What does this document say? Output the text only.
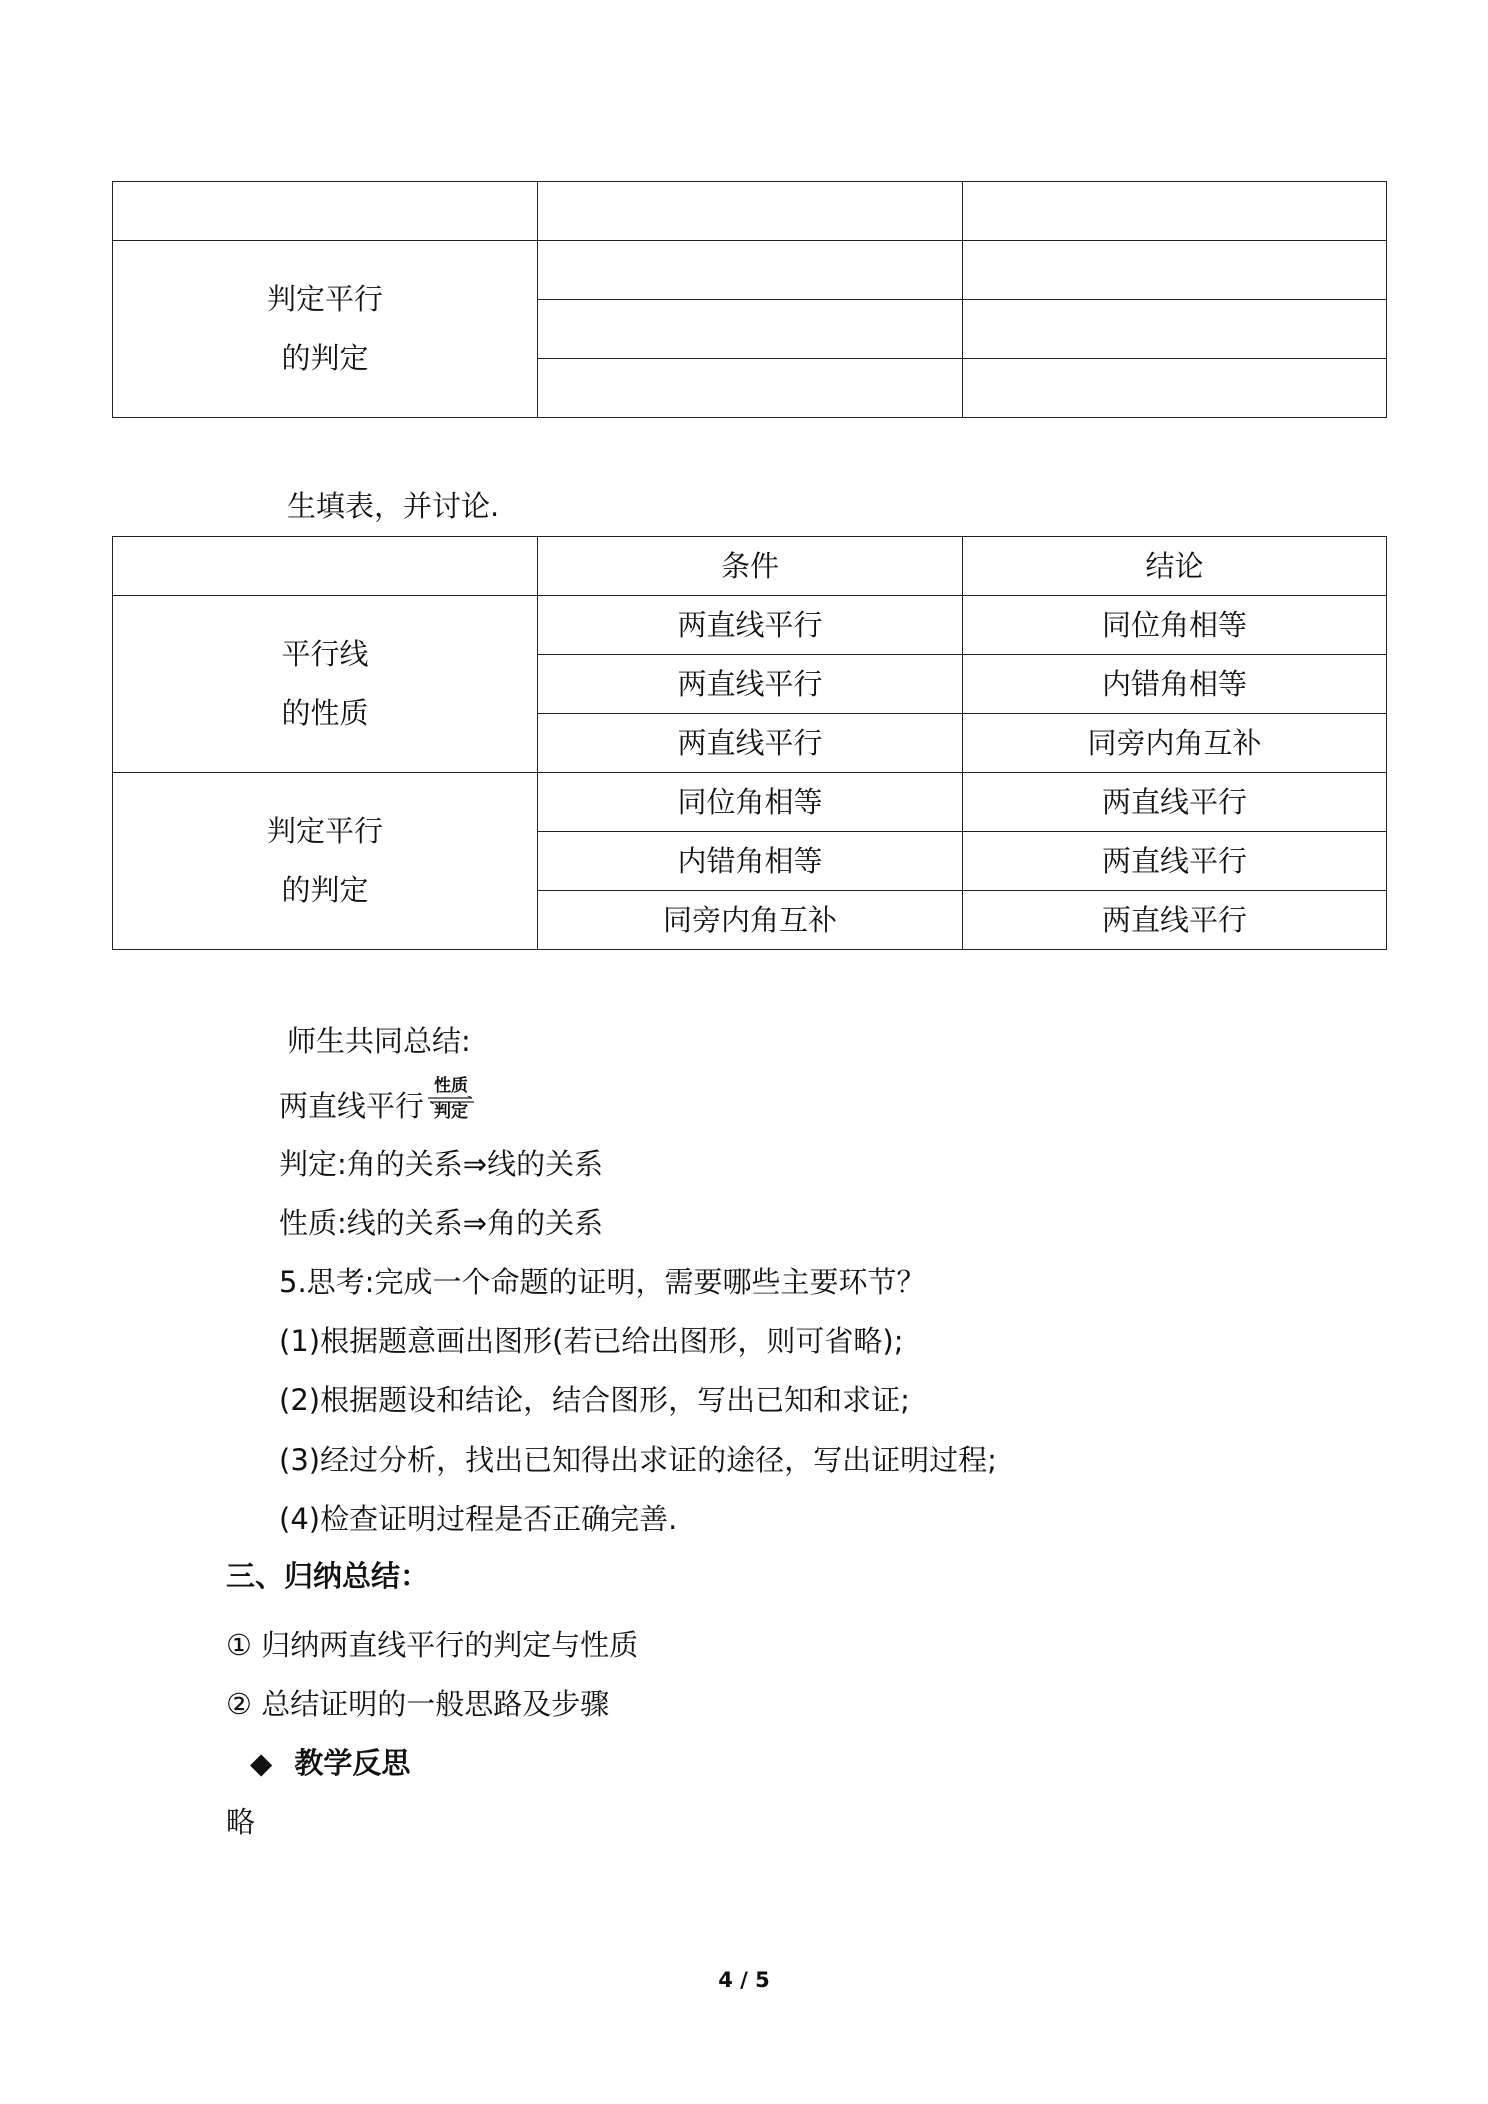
判定平行
的判定		

生填表，并讨论.
	条件	结论

平行线
的性质	两直线平行	同位角相等
	两直线平行	内错角相等
	两直线平行	同旁内角互补

判定平行
的判定	同位角相等	两直线平行
	内错角相等	两直线平行
	同旁内角互补	两直线平行
师生共同总结:
两直线平行
性质
判定
判定:角的关系⇒线的关系
性质:线的关系⇒角的关系
5.思考:完成一个命题的证明，需要哪些主要环节？
(1)根据题意画出图形(若已给出图形，则可省略);
(2)根据题设和结论，结合图形，写出已知和求证;
(3)经过分析，找出已知得出求证的途径，写出证明过程;
(4)检查证明过程是否正确完善.
三、归纳总结：
① 归纳两直线平行的判定与性质
② 总结证明的一般思路及步骤
◆ 教学反思
略
4 / 5
